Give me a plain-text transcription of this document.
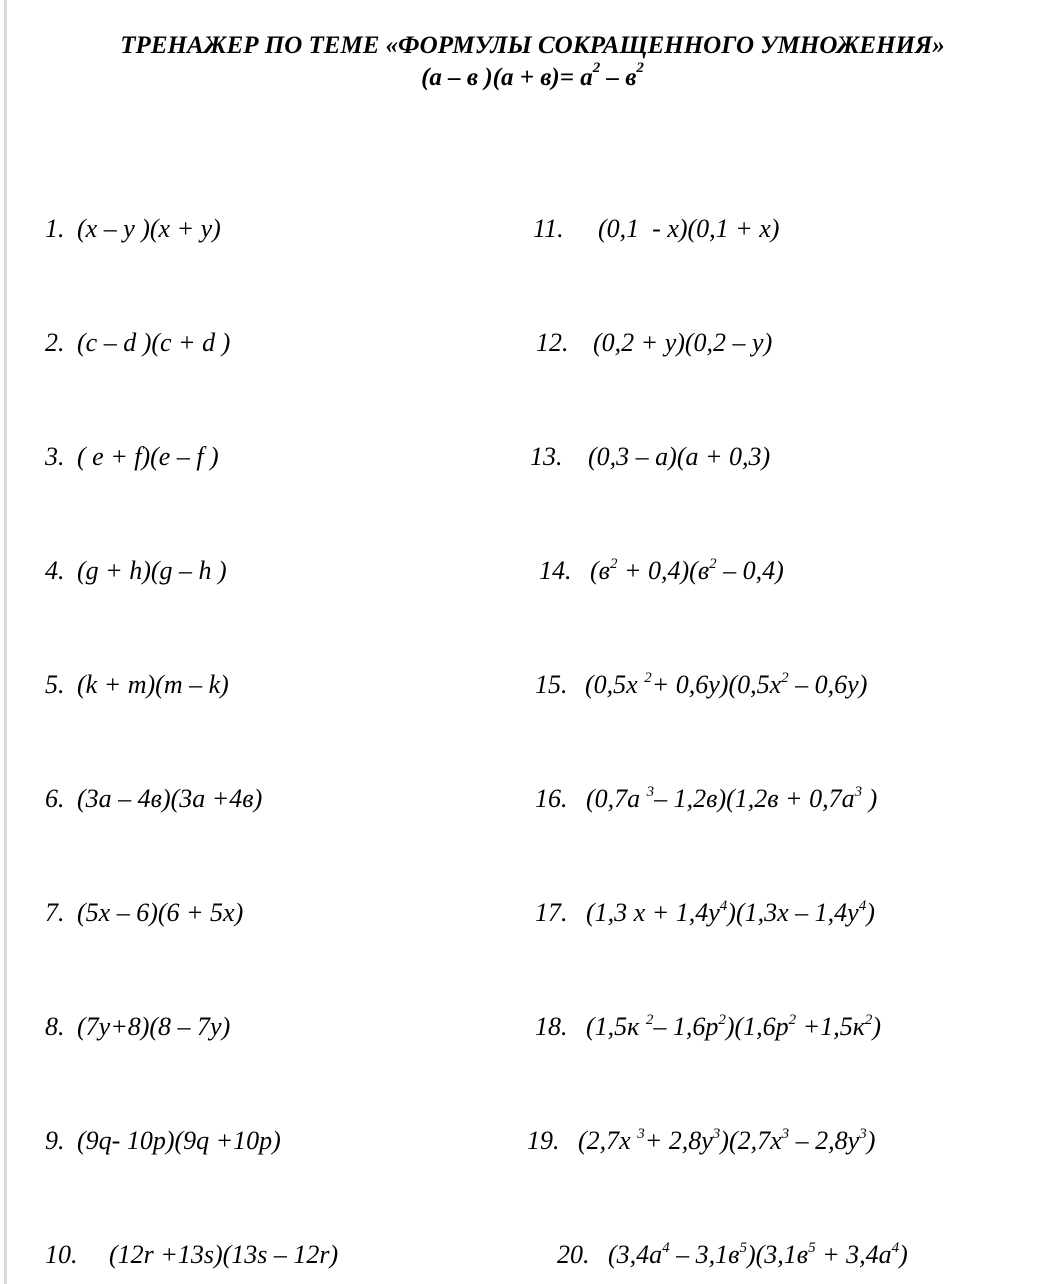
ТРЕНАЖЕР ПО ТЕМЕ «ФОРМУЛЫ СОКРАЩЕННОГО УМНОЖЕНИЯ»
(а – в )$(а + в)= а^2 - в^2$
1. (x – y )(x + y)
2. (c – d )(c + d )
3. ( e + f)(e – f )
4. (g + h)(g – h )
5. (k + m)(m – k)
6. (3a – 4в)(3a +4в)
7. (5x – 6)(6 + 5x)
8. (7y+8)(8 – 7y)
9. (9q- 10p)(9q +10p)
10. (12r +13s)(13s – 12r)
11. (0,1  - x)(0,1 + x)
12. (0,2 + y)(0,2 – y)
13. (0,3 – a)(a + 0,3)
14. $(в^2 + 0,4)(в^2 - 0,4)$
15. (0,5x $^2+ 0,6y)(0,5x^2 - 0,6y)$
16. (0,7a $^3$– $1,2в)(1,2в + 0,7a^3$ )
17. (1,3 $x + 1,4y^4)(1,3x - 1,4y^4)$
18. (1,5к $^2$– $1,6p^2)(1,6p^2 +1,5к^2)$
19. (2,7x $^3+ 2,8y^3)(2,7x^3 - 2,8y^3)$
20. $(3,4a^4 - 3,1в^5)(3,1в^5 + 3,4a^4)$
